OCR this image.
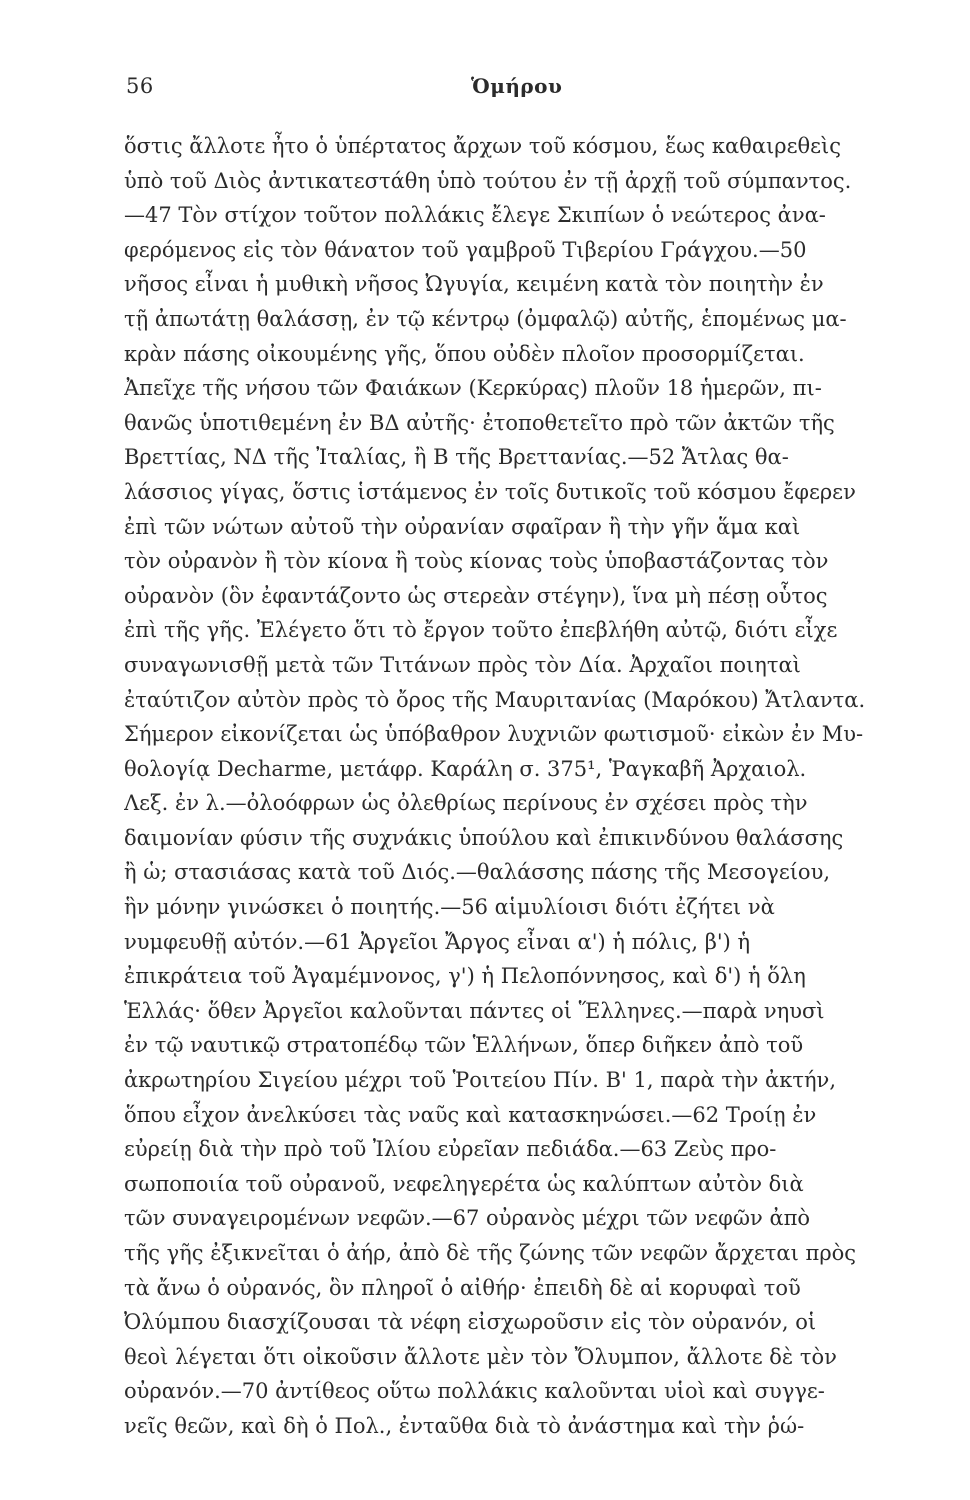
56	Ὁμήρου
ὅστις ἄλλοτε ἦτο ὁ ὑπέρτατος ἄρχων τοῦ κόσμου, ἕως καθαιρεθεὶς
ὑπὸ τοῦ Διὸς ἀντικατεστάθη ὑπὸ τούτου ἐν τῇ ἀρχῇ τοῦ σύμπαντος.
—47 Τὸν στίχον τοῦτον πολλάκις ἔλεγε Σκιπίων ὁ νεώτερος ἀνα-
φερόμενος εἰς τὸν θάνατον τοῦ γαμβροῦ Τιβερίου Γράγχου.—50
νῆσος εἶναι ἡ μυθικὴ νῆσος Ὠγυγία, κειμένη κατὰ τὸν ποιητὴν ἐν
τῇ ἀπωτάτῃ θαλάσσῃ, ἐν τῷ κέντρῳ (ὀμφαλῷ) αὐτῆς, ἑπομένως μα-
κρὰν πάσης οἰκουμένης γῆς, ὅπου οὐδὲν πλοῖον προσορμίζεται.
Ἀπεῖχε τῆς νήσου τῶν Φαιάκων (Κερκύρας) πλοῦν 18 ἡμερῶν, πι-
θανῶς ὑποτιθεμένη ἐν ΒΔ αὐτῆς· ἐτοποθετεῖτο πρὸ τῶν ἀκτῶν τῆς
Βρεττίας, ΝΔ τῆς Ἰταλίας, ἢ Β τῆς Βρεττανίας.—52 Ἄτλας θα-
λάσσιος γίγας, ὅστις ἱστάμενος ἐν τοῖς δυτικοῖς τοῦ κόσμου ἔφερεν
ἐπὶ τῶν νώτων αὐτοῦ τὴν οὐρανίαν σφαῖραν ἢ τὴν γῆν ἅμα καὶ
τὸν οὐρανὸν ἢ τὸν κίονα ἢ τοὺς κίονας τοὺς ὑποβαστάζοντας τὸν
οὐρανὸν (ὃν ἐφαντάζοντο ὡς στερεὰν στέγην), ἵνα μὴ πέσῃ οὗτος
ἐπὶ τῆς γῆς. Ἐλέγετο ὅτι τὸ ἔργον τοῦτο ἐπεβλήθη αὐτῷ, διότι εἶχε
συναγωνισθῇ μετὰ τῶν Τιτάνων πρὸς τὸν Δία. Ἀρχαῖοι ποιηταὶ
ἐταύτιζον αὐτὸν πρὸς τὸ ὄρος τῆς Μαυριτανίας (Μαρόκου) Ἄτλαντα.
Σήμερον εἰκονίζεται ὡς ὑπόβαθρον λυχνιῶν φωτισμοῦ· εἰκὼν ἐν Μυ-
θολογίᾳ Decharme, μετάφρ. Καράλη σ. 375¹, Ῥαγκαβῆ Ἀρχαιολ.
Λεξ. ἐν λ.—ὀλοόφρων ὡς ὀλεθρίως περίνους ἐν σχέσει πρὸς τὴν
δαιμονίαν φύσιν τῆς συχνάκις ὑπούλου καὶ ἐπικινδύνου θαλάσσης
ἢ ὡ; στασιάσας κατὰ τοῦ Διός.—θαλάσσης πάσης τῆς Μεσογείου,
ἣν μόνην γινώσκει ὁ ποιητής.—56 αἱμυλίοισι διότι ἐζήτει νὰ
νυμφευθῇ αὐτόν.—61 Ἀργεῖοι Ἄργος εἶναι α') ἡ πόλις, β') ἡ
ἐπικράτεια τοῦ Ἀγαμέμνονος, γ') ἡ Πελοπόννησος, καὶ δ') ἡ ὅλη
Ἑλλάς· ὅθεν Ἀργεῖοι καλοῦνται πάντες οἱ Ἕλληνες.—παρὰ νηυσὶ
ἐν τῷ ναυτικῷ στρατοπέδῳ τῶν Ἑλλήνων, ὅπερ διῆκεν ἀπὸ τοῦ
ἀκρωτηρίου Σιγείου μέχρι τοῦ Ῥοιτείου Πίν. Β' 1, παρὰ τὴν ἀκτήν,
ὅπου εἶχον ἀνελκύσει τὰς ναῦς καὶ κατασκηνώσει.—62 Τροίῃ ἐν
εὐρείῃ διὰ τὴν πρὸ τοῦ Ἰλίου εὐρεῖαν πεδιάδα.—63 Ζεὺς προ-
σωποποιία τοῦ οὐρανοῦ, νεφεληγερέτα ὡς καλύπτων αὐτὸν διὰ
τῶν συναγειρομένων νεφῶν.—67 οὐρανὸς μέχρι τῶν νεφῶν ἀπὸ
τῆς γῆς ἐξικνεῖται ὁ ἀήρ, ἀπὸ δὲ τῆς ζώνης τῶν νεφῶν ἄρχεται πρὸς
τὰ ἄνω ὁ οὐρανός, ὃν πληροῖ ὁ αἰθήρ· ἐπειδὴ δὲ αἱ κορυφαὶ τοῦ
Ὀλύμπου διασχίζουσαι τὰ νέφη εἰσχωροῦσιν εἰς τὸν οὐρανόν, οἱ
θεοὶ λέγεται ὅτι οἰκοῦσιν ἄλλοτε μὲν τὸν Ὄλυμπον, ἄλλοτε δὲ τὸν
οὐρανόν.—70 ἀντίθεος οὕτω πολλάκις καλοῦνται υἱοὶ καὶ συγγε-
νεῖς θεῶν, καὶ δὴ ὁ Πολ., ἐνταῦθα διὰ τὸ ἀνάστημα καὶ τὴν ῥώ-
